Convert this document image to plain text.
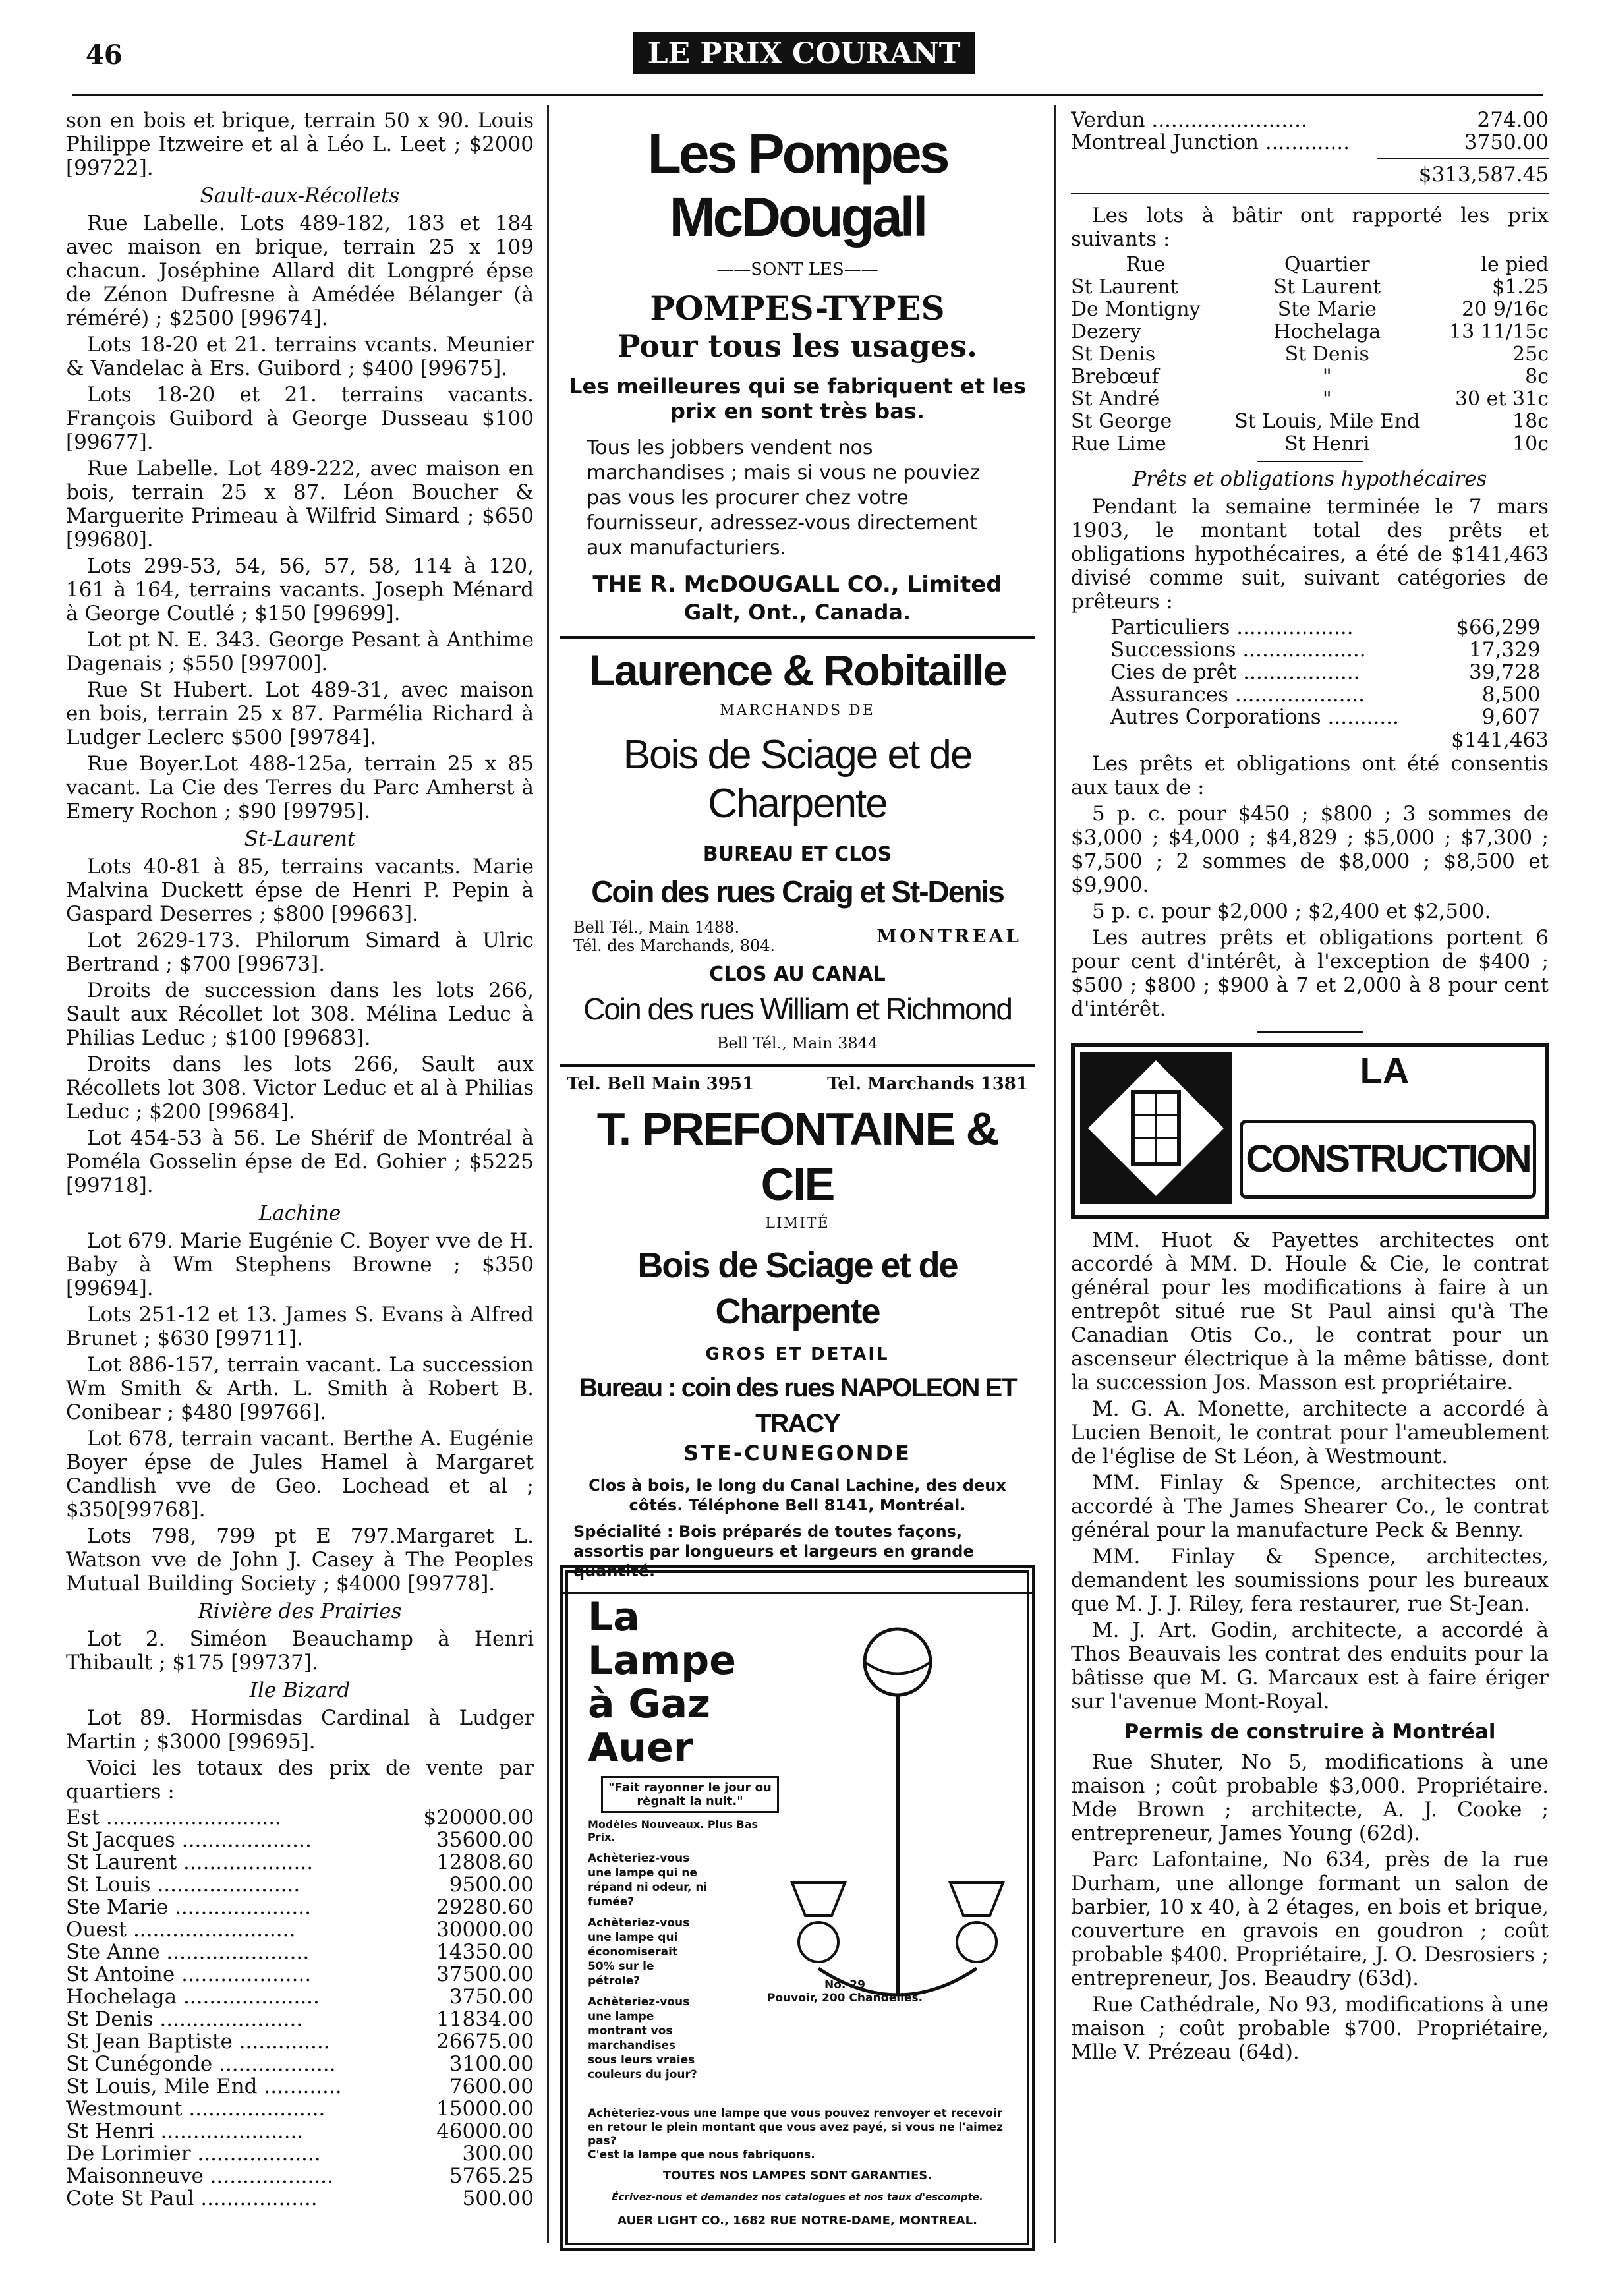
46	LE PRIX COURANT

son en bois et brique, terrain 50 x 90. Louis Philippe Itzweire et al à Léo L. Leet ; $2000 [99722].

Sault-aux-Récollets

Rue Labelle. Lots 489-182, 183 et 184 avec maison en brique, terrain 25 x 109 chacun. Joséphine Allard dit Longpré épse de Zénon Dufresne à Amédée Bélanger (à réméré) ; $2500 [99674].

Lots 18-20 et 21. terrains vcants. Meunier & Vandelac à Ers. Guibord ; $400 [99675].

Lots 18-20 et 21. terrains vacants. François Guibord à George Dusseau $100 [99677].

Rue Labelle. Lot 489-222, avec maison en bois, terrain 25 x 87. Léon Boucher & Marguerite Primeau à Wilfrid Simard ; $650 [99680].

Lots 299-53, 54, 56, 57, 58, 114 à 120, 161 à 164, terrains vacants. Joseph Ménard à George Coutlé ; $150 [99699].

Lot pt N. E. 343. George Pesant à Anthime Dagenais ; $550 [99700].

Rue St Hubert. Lot 489-31, avec maison en bois, terrain 25 x 87. Parmélia Richard à Ludger Leclerc $500 [99784].

Rue Boyer.Lot 488-125a, terrain 25 x 85 vacant. La Cie des Terres du Parc Amherst à Emery Rochon ; $90 [99795].

St-Laurent

Lots 40-81 à 85, terrains vacants. Marie Malvina Duckett épse de Henri P. Pepin à Gaspard Deserres ; $800 [99663].

Lot 2629-173. Philorum Simard à Ulric Bertrand ; $700 [99673].

Droits de succession dans les lots 266, Sault aux Récollet lot 308. Mélina Leduc à Philias Leduc ; $100 [99683].

Droits dans les lots 266, Sault aux Récollets lot 308. Victor Leduc et al à Philias Leduc ; $200 [99684].

Lot 454-53 à 56. Le Shérif de Montréal à Poméla Gosselin épse de Ed. Gohier ; $5225 [99718].

Lachine

Lot 679. Marie Eugénie C. Boyer vve de H. Baby à Wm Stephens Browne ; $350 [99694].

Lots 251-12 et 13. James S. Evans à Alfred Brunet ; $630 [99711].

Lot 886-157, terrain vacant. La succession Wm Smith & Arth. L. Smith à Robert B. Conibear ; $480 [99766].

Lot 678, terrain vacant. Berthe A. Eugénie Boyer épse de Jules Hamel à Margaret Candlish vve de Geo. Lochead et al ; $350[99768].

Lots 798, 799 pt E 797.Margaret L. Watson vve de John J. Casey à The Peoples Mutual Building Society ; $4000 [99778].

Rivière des Prairies

Lot 2. Siméon Beauchamp à Henri Thibault ; $175 [99737].

Ile Bizard

Lot 89. Hormisdas Cardinal à Ludger Martin ; $3000 [99695].

Voici les totaux des prix de vente par quartiers :

Est ...........................	$20000.00
St Jacques ....................	35600.00
St Laurent ....................	12808.60
St Louis ......................	9500.00
Ste Marie .....................	29280.60
Ouest .........................	30000.00
Ste Anne ......................	14350.00
St Antoine ....................	37500.00
Hochelaga .....................	3750.00
St Denis ......................	11834.00
St Jean Baptiste ..............	26675.00
St Cunégonde ..................	3100.00
St Louis, Mile End ............	7600.00
Westmount .....................	15000.00
St Henri ......................	46000.00
De Lorimier ...................	300.00
Maisonneuve ...................	5765.25
Cote St Paul ..................	500.00
Les Pompes McDougall
——SONT LES——
POMPES-TYPES
Pour tous les usages.
Les meilleures qui se fabriquent et les prix en sont très bas.
Tous les jobbers vendent nos marchandises ; mais si vous ne pouviez pas vous les procurer chez votre fournisseur, adressez-vous directement aux manufacturiers.
THE R. McDOUGALL CO., Limited
Galt, Ont., Canada.
Laurence & Robitaille
MARCHANDS DE
Bois de Sciage et de Charpente
BUREAU ET CLOS
Coin des rues Craig et St-Denis
Bell Tél., Main 1488.
Tél. des Marchands, 804.	MONTREAL
CLOS AU CANAL
Coin des rues William et Richmond
Bell Tél., Main 3844
Tel. Bell Main 3951	Tel. Marchands 1381
T. PREFONTAINE & CIE
LIMITÉ
Bois de Sciage et de Charpente
GROS ET DETAIL
Bureau : coin des rues NAPOLEON ET TRACY
STE-CUNEGONDE
Clos à bois, le long du Canal Lachine, des deux côtés. Téléphone Bell 8141, Montréal.
Spécialité : Bois préparés de toutes façons, assortis par longueurs et largeurs en grande quantité.
La Lampe
à Gaz Auer
"Fait rayonner le jour ou règnait la nuit."
Modèles Nouveaux. Plus Bas Prix.
Achèteriez-vous une lampe qui ne répand ni odeur, ni fumée?
Achèteriez-vous une lampe qui économiserait 50% sur le pétrole?
Achèteriez-vous une lampe montrant vos marchandises sous leurs vraies couleurs du jour?
No. 29
Pouvoir, 200 Chandelles.
Achèteriez-vous une lampe que vous pouvez renvoyer et recevoir en retour le plein montant que vous avez payé, si vous ne l'aimez pas?
C'est la lampe que nous fabriquons.
TOUTES NOS LAMPES SONT GARANTIES.
Écrivez-nous et demandez nos catalogues et nos taux d'escompte.
AUER LIGHT CO., 1682 RUE NOTRE-DAME, MONTREAL.
Verdun ........................	274.00
Montreal Junction .............	3750.00
$313,587.45

Les lots à bâtir ont rapporté les prix suivants :

Rue	Quartier	le pied
St Laurent	St Laurent	$1.25
De Montigny	Ste Marie	20 9/16c
Dezery	Hochelaga	13 11/15c
St Denis	St Denis	25c
Brebœuf	"	8c
St André	"	30 et 31c
St George	St Louis, Mile End	18c
Rue Lime	St Henri	10c
Prêts et obligations hypothécaires

Pendant la semaine terminée le 7 mars 1903, le montant total des prêts et obligations hypothécaires, a été de $141,463 divisé comme suit, suivant catégories de prêteurs :

Particuliers ..................	$66,299
Successions ...................	17,329
Cies de prêt ..................	39,728
Assurances ....................	8,500
Autres Corporations ...........	9,607
$141,463

Les prêts et obligations ont été consentis aux taux de :

5 p. c. pour $450 ; $800 ; 3 sommes de $3,000 ; $4,000 ; $4,829 ; $5,000 ; $7,300 ; $7,500 ; 2 sommes de $8,000 ; $8,500 et $9,900.

5 p. c. pour $2,000 ; $2,400 et $2,500.

Les autres prêts et obligations portent 6 pour cent d'intérêt, à l'exception de $400 ; $500 ; $800 ; $900 à 7 et 2,000 à 8 pour cent d'intérêt.

LA
CONSTRUCTION

MM. Huot & Payettes architectes ont accordé à MM. D. Houle & Cie, le contrat général pour les modifications à faire à un entrepôt situé rue St Paul ainsi qu'à The Canadian Otis Co., le contrat pour un ascenseur électrique à la même bâtisse, dont la succession Jos. Masson est propriétaire.

M. G. A. Monette, architecte a accordé à Lucien Benoit, le contrat pour l'ameublement de l'église de St Léon, à Westmount.

MM. Finlay & Spence, architectes ont accordé à The James Shearer Co., le contrat général pour la manufacture Peck & Benny.

MM. Finlay & Spence, architectes, demandent les soumissions pour les bureaux que M. J. J. Riley, fera restaurer, rue St-Jean.

M. J. Art. Godin, architecte, a accordé à Thos Beauvais les contrat des enduits pour la bâtisse que M. G. Marcaux est à faire ériger sur l'avenue Mont-Royal.

Permis de construire à Montréal

Rue Shuter, No 5, modifications à une maison ; coût probable $3,000. Propriétaire. Mde Brown ; architecte, A. J. Cooke ; entrepreneur, James Young (62d).

Parc Lafontaine, No 634, près de la rue Durham, une allonge formant un salon de barbier, 10 x 40, à 2 étages, en bois et brique, couverture en gravois en goudron ; coût probable $400. Propriétaire, J. O. Desrosiers ; entrepreneur, Jos. Beaudry (63d).

Rue Cathédrale, No 93, modifications à une maison ; coût probable $700. Propriétaire, Mlle V. Prézeau (64d).
